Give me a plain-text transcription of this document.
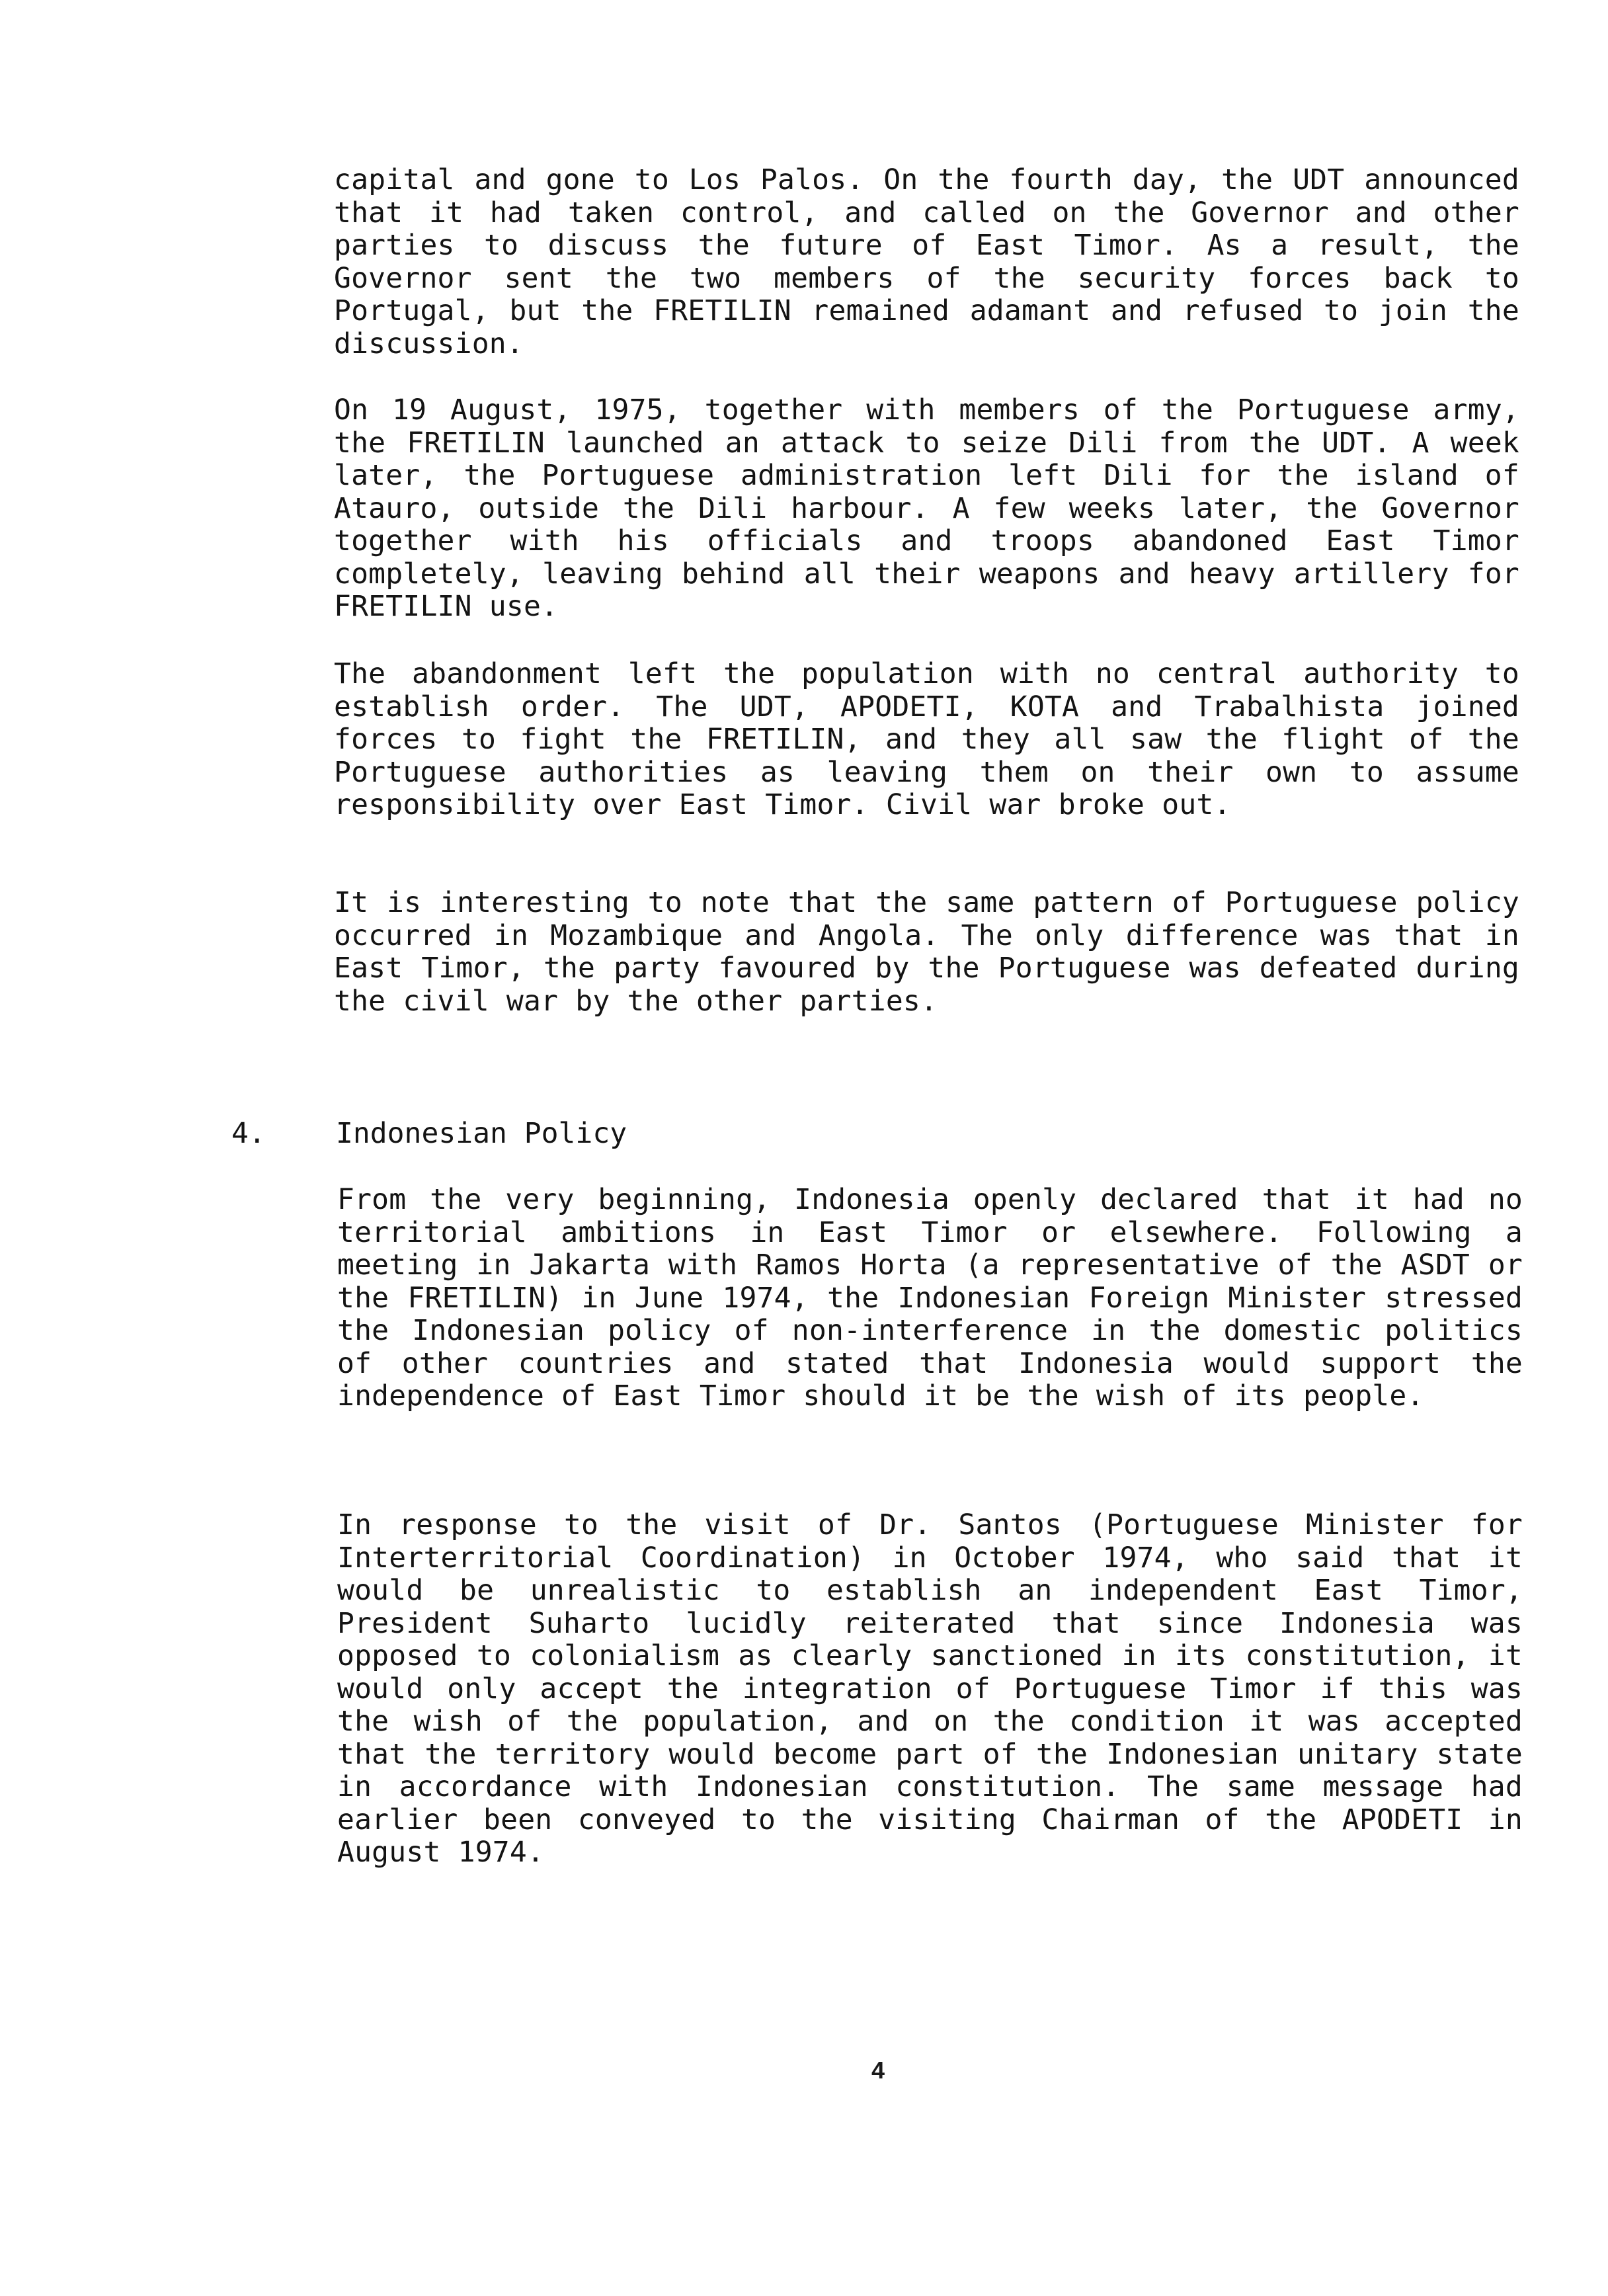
capital and gone to Los Palos. On the fourth day, the UDT announced that it had taken control, and called on the Governor and other parties to discuss the future of East Timor. As a result, the Governor sent the two members of the security forces back to Portugal, but the FRETILIN remained adamant and refused to join the discussion.

On 19 August, 1975, together with members of the Portuguese army, the FRETILIN launched an attack to seize Dili from the UDT. A week later, the Portuguese administration left Dili for the island of Atauro, outside the Dili harbour. A few weeks later, the Governor together with his officials and troops abandoned East Timor completely, leaving behind all their weapons and heavy artillery for FRETILIN use.

The abandonment left the population with no central authority to establish order. The UDT, APODETI, KOTA and Trabalhista joined forces to fight the FRETILIN, and they all saw the flight of the Portuguese authorities as leaving them on their own to assume responsibility over East Timor. Civil war broke out.

It is interesting to note that the same pattern of Portuguese policy occurred in Mozambique and Angola. The only difference was that in East Timor, the party favoured by the Portuguese was defeated during the civil war by the other parties.

4. Indonesian Policy

From the very beginning, Indonesia openly declared that it had no territorial ambitions in East Timor or elsewhere. Following a meeting in Jakarta with Ramos Horta (a representative of the ASDT or the FRETILIN) in June 1974, the Indonesian Foreign Minister stressed the Indonesian policy of non-interference in the domestic politics of other countries and stated that Indonesia would support the independence of East Timor should it be the wish of its people.

In response to the visit of Dr. Santos (Portuguese Minister for Interterritorial Coordination) in October 1974, who said that it would be unrealistic to establish an independent East Timor, President Suharto lucidly reiterated that since Indonesia was opposed to colonialism as clearly sanctioned in its constitution, it would only accept the integration of Portuguese Timor if this was the wish of the population, and on the condition it was accepted that the territory would become part of the Indonesian unitary state in accordance with Indonesian constitution. The same message had earlier been conveyed to the visiting Chairman of the APODETI in August 1974.

4
